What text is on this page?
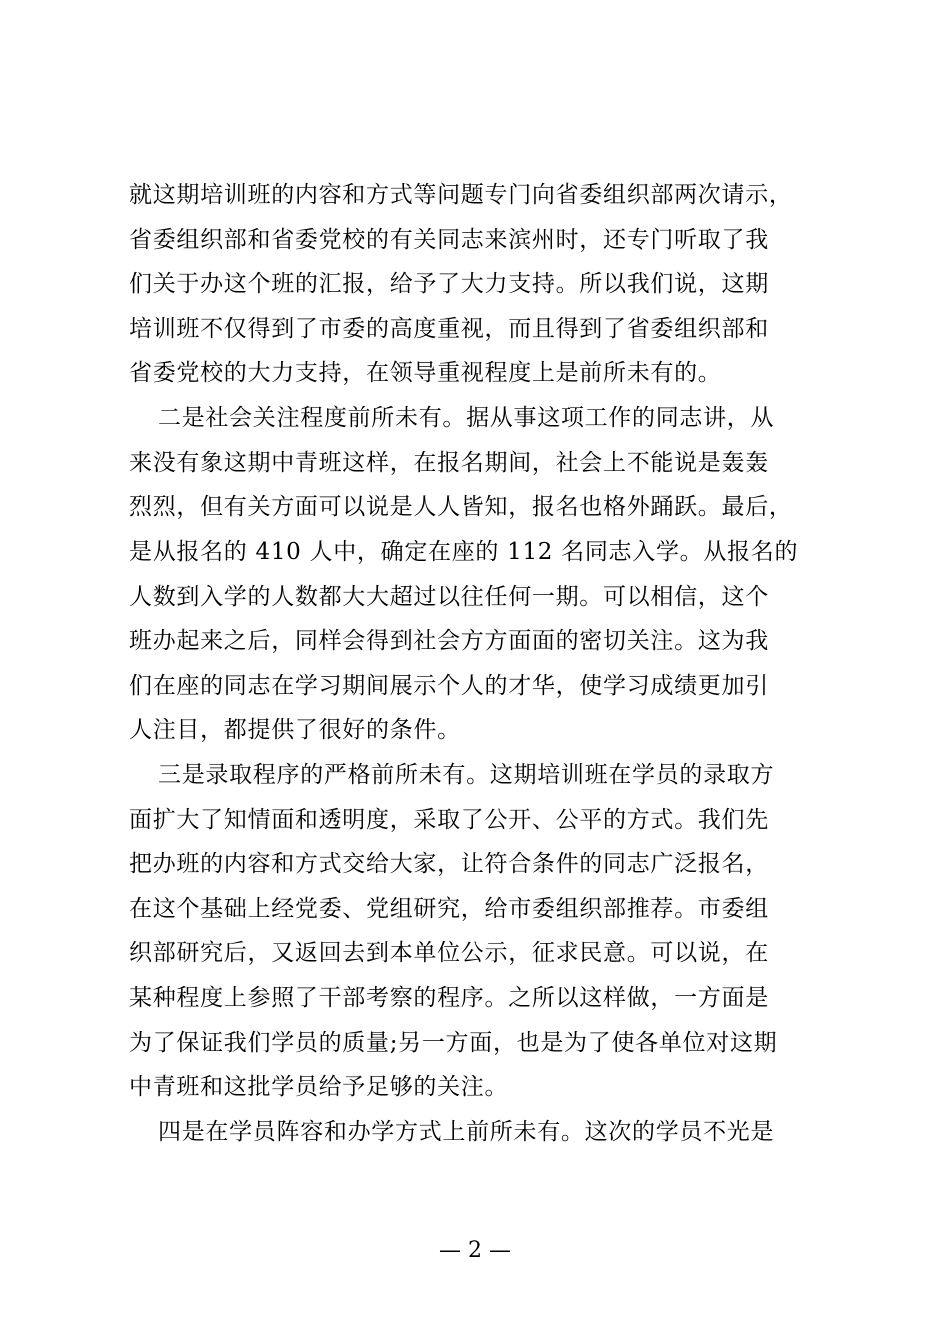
就这期培训班的内容和方式等问题专门向省委组织部两次请示，
省委组织部和省委党校的有关同志来滨州时，还专门听取了我
们关于办这个班的汇报，给予了大力支持。所以我们说，这期
培训班不仅得到了市委的高度重视，而且得到了省委组织部和
省委党校的大力支持，在领导重视程度上是前所未有的。
二是社会关注程度前所未有。据从事这项工作的同志讲，从
来没有象这期中青班这样，在报名期间，社会上不能说是轰轰
烈烈，但有关方面可以说是人人皆知，报名也格外踊跃。最后，
是从报名的 410 人中，确定在座的 112 名同志入学。从报名的
人数到入学的人数都大大超过以往任何一期。可以相信，这个
班办起来之后，同样会得到社会方方面面的密切关注。这为我
们在座的同志在学习期间展示个人的才华，使学习成绩更加引
人注目，都提供了很好的条件。
三是录取程序的严格前所未有。这期培训班在学员的录取方
面扩大了知情面和透明度，采取了公开、公平的方式。我们先
把办班的内容和方式交给大家，让符合条件的同志广泛报名，
在这个基础上经党委、党组研究，给市委组织部推荐。市委组
织部研究后，又返回去到本单位公示，征求民意。可以说，在
某种程度上参照了干部考察的程序。之所以这样做，一方面是
为了保证我们学员的质量;另一方面，也是为了使各单位对这期
中青班和这批学员给予足够的关注。
四是在学员阵容和办学方式上前所未有。这次的学员不光是
— 2 —
